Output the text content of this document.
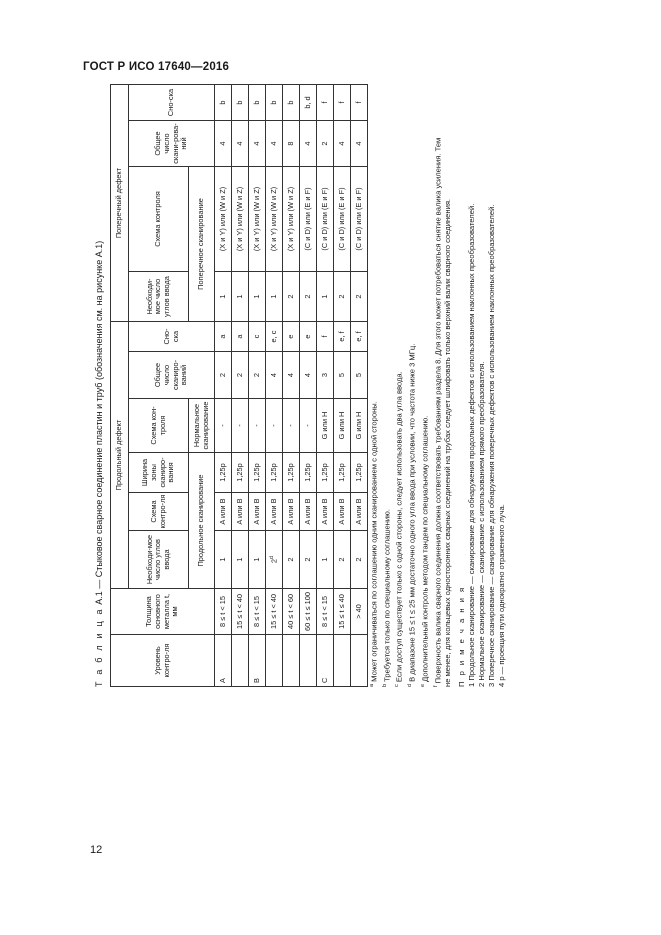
ГОСТ Р ИСО 17640—2016
Т а б л и ц а А.1 — Стыковое сварное соединение пластин и труб (обозначения см. на рисунке А.1)
Уровень контро-ля	Толщина основного металла t, мм	Продольный дефект						Поперечный дефект			
		Необходи-мое число углов ввода	Схема контро-ля	Ширина зоны сканиро-вания	Схема кон-троля	Общее число сканиро-ваний	Сно-ска	Необходи-мое число углов ввода	Схема контроля	Общее число скани-рова-ний	Сно-ска
		Продольное сканирование			Нормальное сканирование			Поперечное сканирование			
A	8 ≤ t < 15	1	A или B	1,25p	-	2	a	1	(X и Y) или (W и Z)	4	b
	15 ≤ t < 40	1	A или B	1,25p	-	2	a	1	(X и Y) или (W и Z)	4	b
B	8 ≤ t < 15	1	A или B	1,25p	-	2	c	1	(X и Y) или (W и Z)	4	b
	15 ≤ t < 40	2$^d$	A или B	1,25p	-	4	e, c	1	(X и Y) или (W и Z)	4	b
	40 ≤ t < 60	2	A или B	1,25p	-	4	e	2	(X и Y) или (W и Z)	8	b
	60 ≤ t ≤ 100	2	A или B	1,25p	-	4	e	2	(C и D) или (E и F)	4	b, d
C	8 ≤ t < 15	1	A или B	1,25p	G или H	3	f	1	(C и D) или (E и F)	2	f
	15 ≤ t ≤ 40	2	A или B	1,25p	G или H	5	e, f	2	(C и D) или (E и F)	4	f
	> 40	2	A или B	1,25p	G или H	5	e, f	2	(C и D) или (E и F)	4	f
$^a$ Может ограничиваться по соглашению одним сканированием с одной стороны.
$^b$ Требуется только по специальному соглашению.
$^c$ Если доступ существует только с одной стороны, следует использовать два угла ввода.
$^d$ В диапазоне 15 ≤ t ≤ 25 мм достаточно одного угла ввода при условии, что частота ниже 3 МГц.
$^e$ Дополнительный контроль методом тандем по специальному соглашению.
$^f$ Поверхность валика сварного соединения должна соответствовать требованиям раздела 8. Для этого может потребоваться снятие валика усиления. Тем не менее, для кольцевых односторонних сварных соединений на трубах следует шлифовать только верхний валик сварного соединения. П р и м е ч а н и я 1 Продольное сканирование — сканирование для обнаружения продольных дефектов с использованием наклонных преобразователей. 2 Нормальное сканирование — сканирование с использованием прямого преобразователя. 3 Поперечное сканирование — сканирование для обнаружения поперечных дефектов с использованием наклонных преобразователей. 4 p — проекция пути однократно отраженного луча.
12
